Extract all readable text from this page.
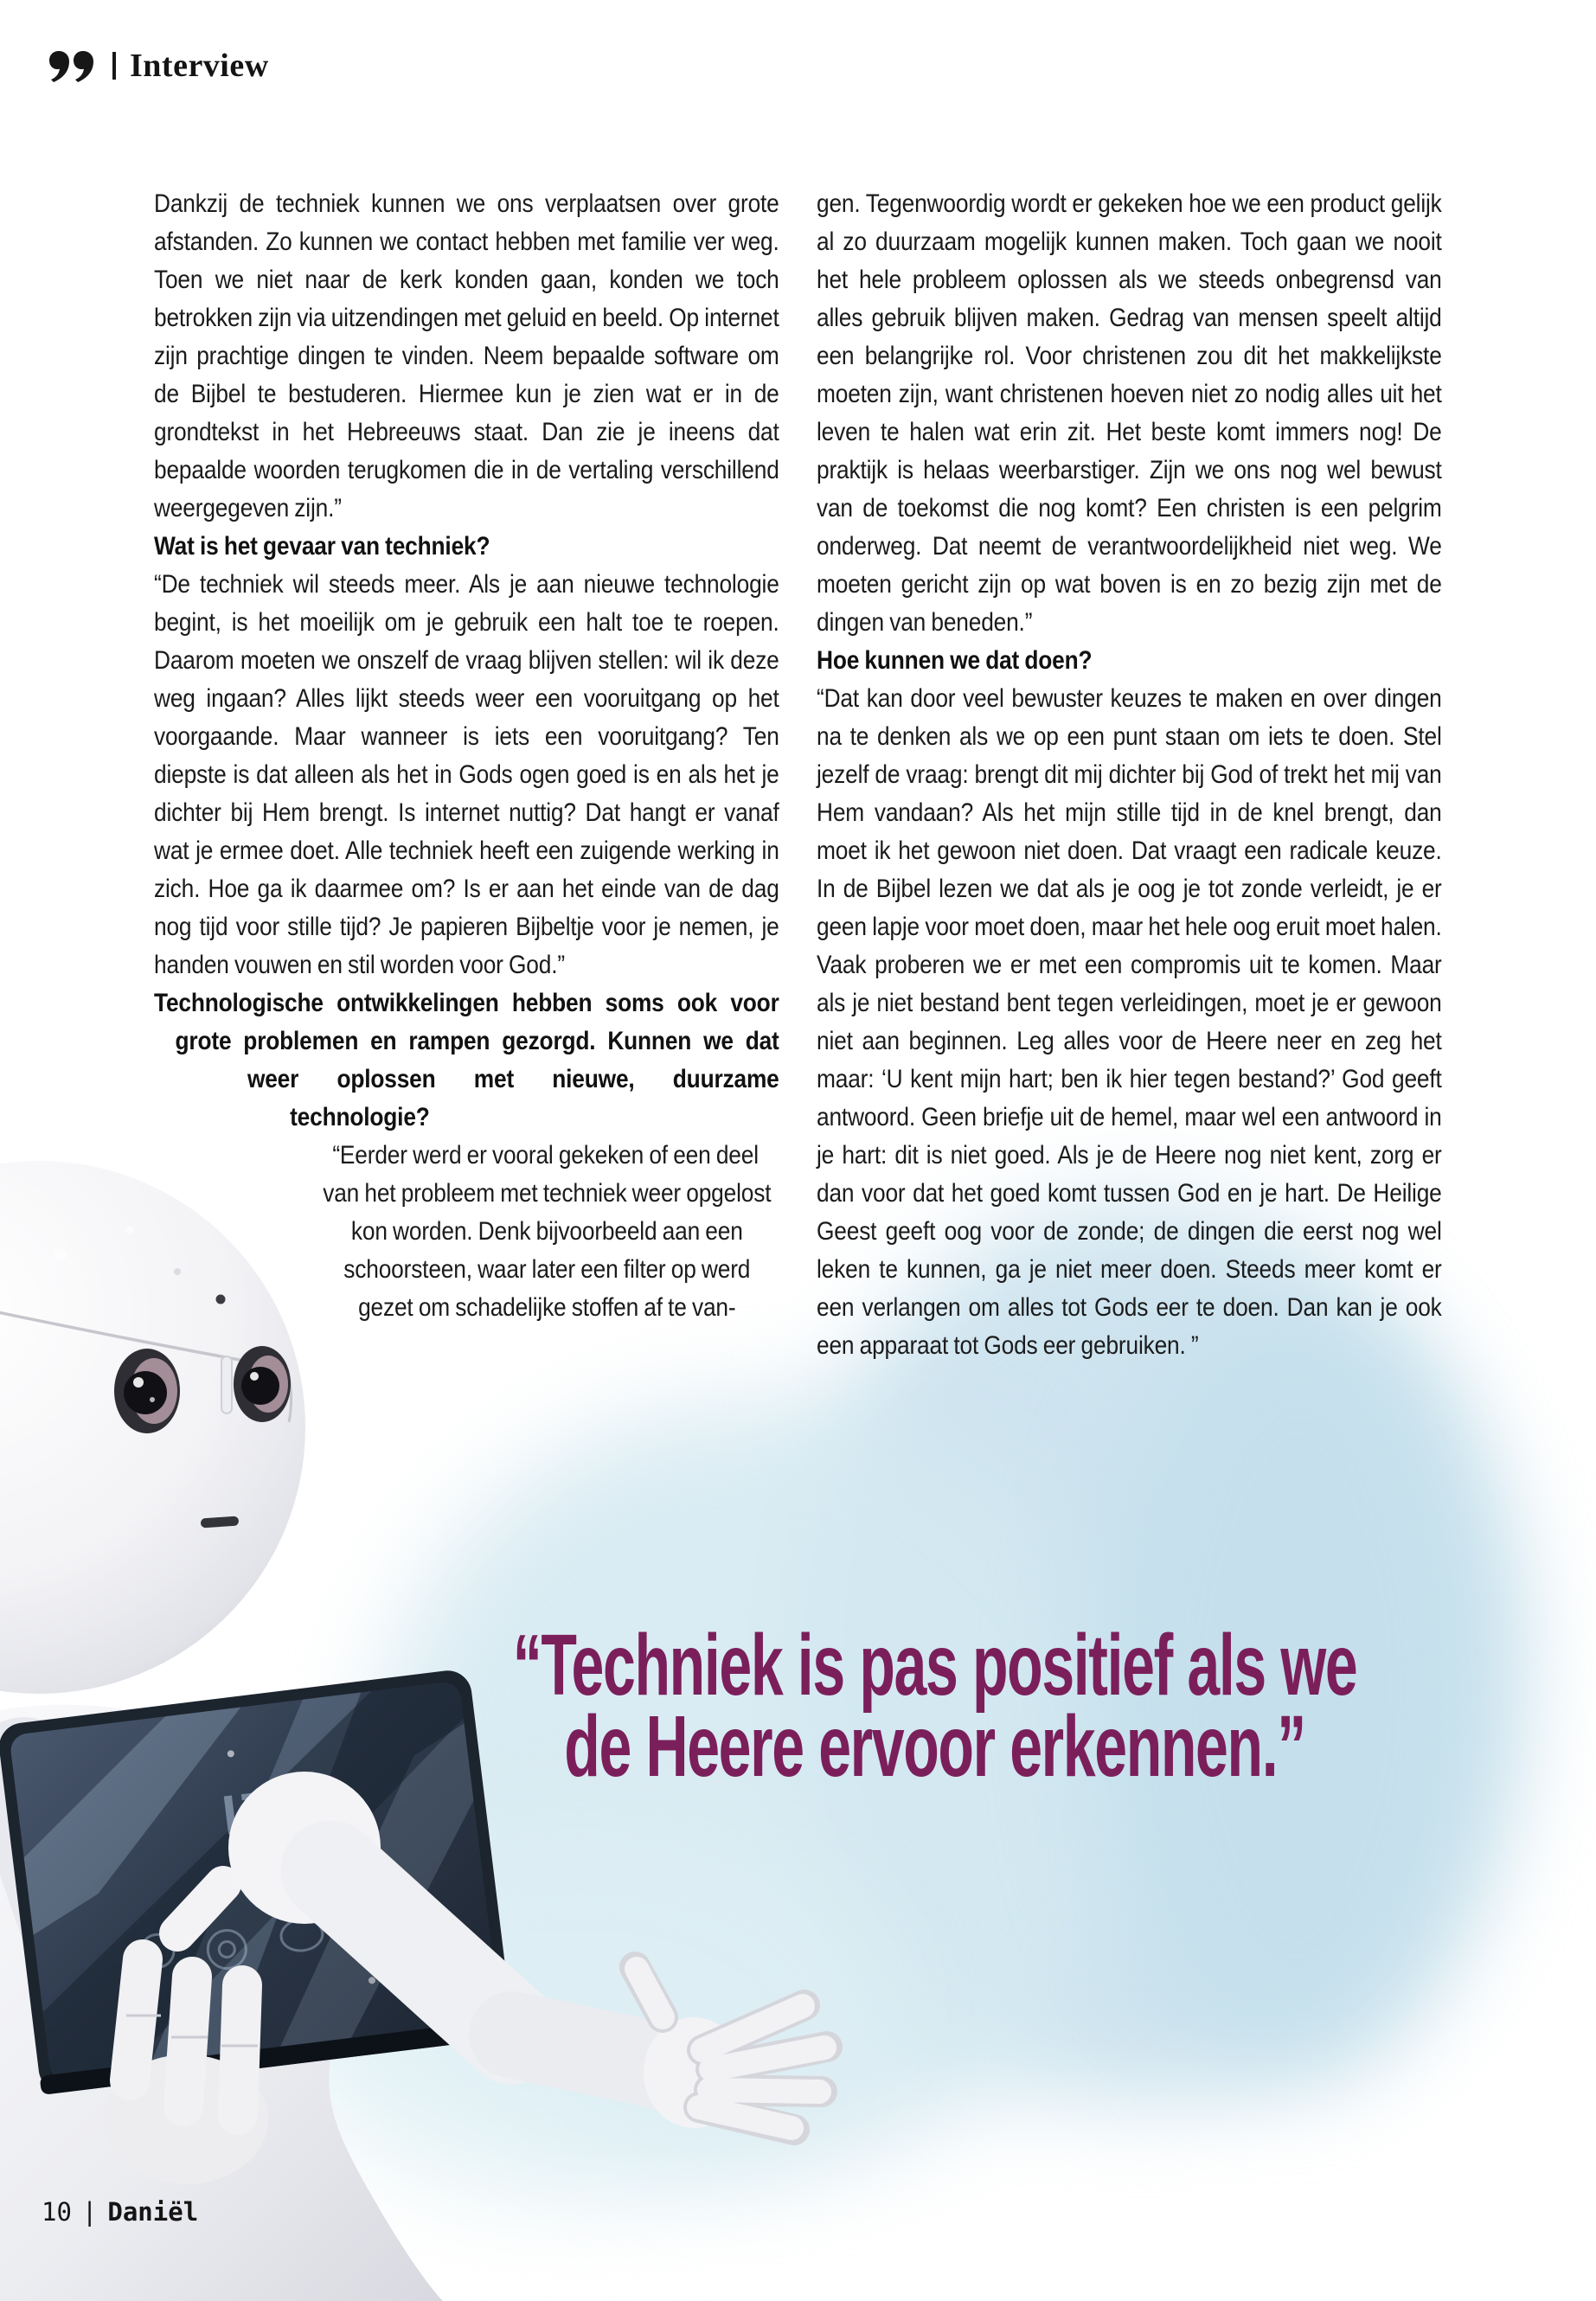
Interview

Dankzij de techniek kunnen we ons verplaatsen over grote afstanden. Zo kunnen we contact hebben met familie ver weg. Toen we niet naar de kerk konden gaan, konden we toch betrokken zijn via uitzendingen met geluid en beeld. Op internet zijn prachtige dingen te vinden. Neem bepaalde software om de Bijbel te bestuderen. Hiermee kun je zien wat er in de grondtekst in het Hebreeuws staat. Dan zie je ineens dat bepaalde woorden terugkomen die in de vertaling verschillend weergegeven zijn.”

Wat is het gevaar van techniek?

“De techniek wil steeds meer. Als je aan nieuwe technologie begint, is het moeilijk om je gebruik een halt toe te roepen. Daarom moeten we onszelf de vraag blijven stellen: wil ik deze weg ingaan? Alles lijkt steeds weer een vooruitgang op het voorgaande. Maar wanneer is iets een vooruitgang? Ten diepste is dat alleen als het in Gods ogen goed is en als het je dichter bij Hem brengt. Is internet nuttig? Dat hangt er vanaf wat je ermee doet. Alle techniek heeft een zuigende werking in zich. Hoe ga ik daarmee om? Is er aan het einde van de dag nog tijd voor stille tijd? Je papieren Bijbeltje voor je nemen, je handen vouwen en stil worden voor God.”

Technologische ontwikkelingen hebben soms ook voor grote problemen en rampen gezorgd. Kunnen we dat weer oplossen met nieuwe, duurzame technologie?

“Eerder werd er vooral gekeken of een deel van het probleem met techniek weer opgelost kon worden. Denk bijvoorbeeld aan een schoorsteen, waar later een filter op werd gezet om schadelijke stoffen af te van-

gen. Tegenwoordig wordt er gekeken hoe we een product gelijk al zo duurzaam mogelijk kunnen maken. Toch gaan we nooit het hele probleem oplossen als we steeds onbegrensd van alles gebruik blijven maken. Gedrag van mensen speelt altijd een belangrijke rol. Voor christenen zou dit het makkelijkste moeten zijn, want christenen hoeven niet zo nodig alles uit het leven te halen wat erin zit. Het beste komt immers nog! De praktijk is helaas weerbarstiger. Zijn we ons nog wel bewust van de toekomst die nog komt? Een christen is een pelgrim onderweg. Dat neemt de verantwoordelijkheid niet weg. We moeten gericht zijn op wat boven is en zo bezig zijn met de dingen van beneden.”

Hoe kunnen we dat doen?

“Dat kan door veel bewuster keuzes te maken en over dingen na te denken als we op een punt staan om iets te doen. Stel jezelf de vraag: brengt dit mij dichter bij God of trekt het mij van Hem vandaan? Als het mijn stille tijd in de knel brengt, dan moet ik het gewoon niet doen. Dat vraagt een radicale keuze. In de Bijbel lezen we dat als je oog je tot zonde verleidt, je er geen lapje voor moet doen, maar het hele oog eruit moet halen. Vaak proberen we er met een compromis uit te komen. Maar als je niet bestand bent tegen verleidingen, moet je er gewoon niet aan beginnen. Leg alles voor de Heere neer en zeg het maar: ‘U kent mijn hart; ben ik hier tegen bestand?’ God geeft antwoord. Geen briefje uit de hemel, maar wel een antwoord in je hart: dit is niet goed. Als je de Heere nog niet kent, zorg er dan voor dat het goed komt tussen God en je hart. De Heilige Geest geeft oog voor de zonde; de dingen die eerst nog wel leken te kunnen, ga je niet meer doen. Steeds meer komt er een verlangen om alles tot Gods eer te doen. Dan kan je ook een apparaat tot Gods eer gebruiken. ”

“Techniek is pas positief als we
de Heere ervoor erkennen.”
10 | Daniël
